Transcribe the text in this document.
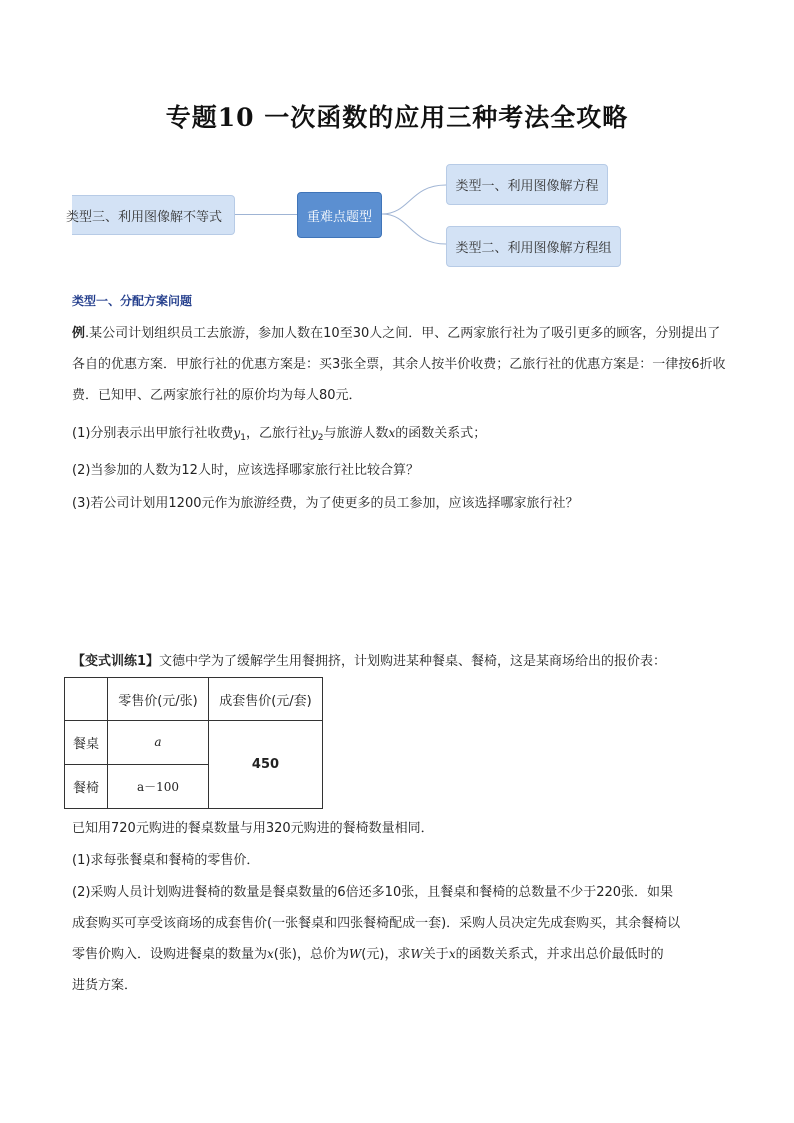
专题10 一次函数的应用三种考法全攻略
类型三、利用图像解不等式	重难点题型
类型一、利用图像解方程
类型二、利用图像解方程组
类型一、分配方案问题
例.某公司计划组织员工去旅游，参加人数在10至30人之间．甲、乙两家旅行社为了吸引更多的顾客，分别提出了各自的优惠方案．甲旅行社的优惠方案是：买3张全票，其余人按半价收费；乙旅行社的优惠方案是：一律按6折收费．已知甲、乙两家旅行社的原价均为每人80元．
(1)分别表示出甲旅行社收费$y_1$，乙旅行社$y_2$与旅游人数x的函数关系式；
(2)当参加的人数为12人时，应该选择哪家旅行社比较合算？
(3)若公司计划用1200元作为旅游经费，为了使更多的员工参加，应该选择哪家旅行社？
【变式训练1】文德中学为了缓解学生用餐拥挤，计划购进某种餐桌、餐椅，这是某商场给出的报价表：
	零售价(元/张)	成套售价(元/套)
餐桌	a	450
餐椅	a－100	
已知用720元购进的餐桌数量与用320元购进的餐椅数量相同．
(1)求每张餐桌和餐椅的零售价．
(2)采购人员计划购进餐椅的数量是餐桌数量的6倍还多10张，且餐桌和餐椅的总数量不少于220张．如果
成套购买可享受该商场的成套售价(一张餐桌和四张餐椅配成一套)．采购人员决定先成套购买，其余餐椅以
零售价购入．设购进餐桌的数量为x(张)，总价为W(元)，求W关于x的函数关系式，并求出总价最低时的
进货方案．
